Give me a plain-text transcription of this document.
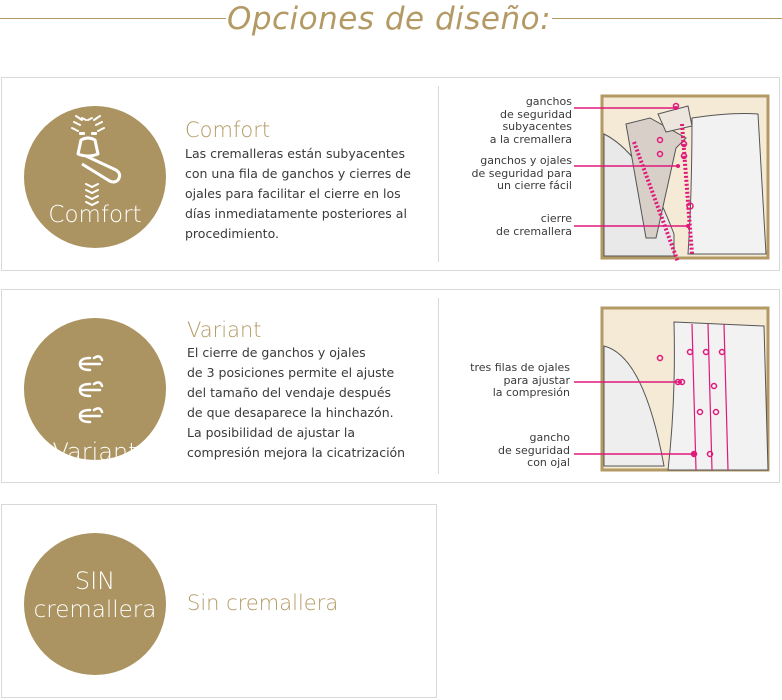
Opciones de diseño:
Comfort
Comfort
Las cremalleras están subyacentes
con una fila de ganchos y cierres de
ojales para facilitar el cierre en los
días inmediatamente posteriores al
procedimiento.
ganchos
de seguridad
subyacentes
a la cremallera
ganchos y ojales
de seguridad para
un cierre fácil
cierre
de cremallera
Variant
Variant
El cierre de ganchos y ojales
de 3 posiciones permite el ajuste
del tamaño del vendaje después
de que desaparece la hinchazón.
La posibilidad de ajustar la
compresión mejora la cicatrización
tres filas de ojales
para ajustar
la compresión
gancho
de seguridad
con ojal
SIN
cremallera	Sin cremallera
